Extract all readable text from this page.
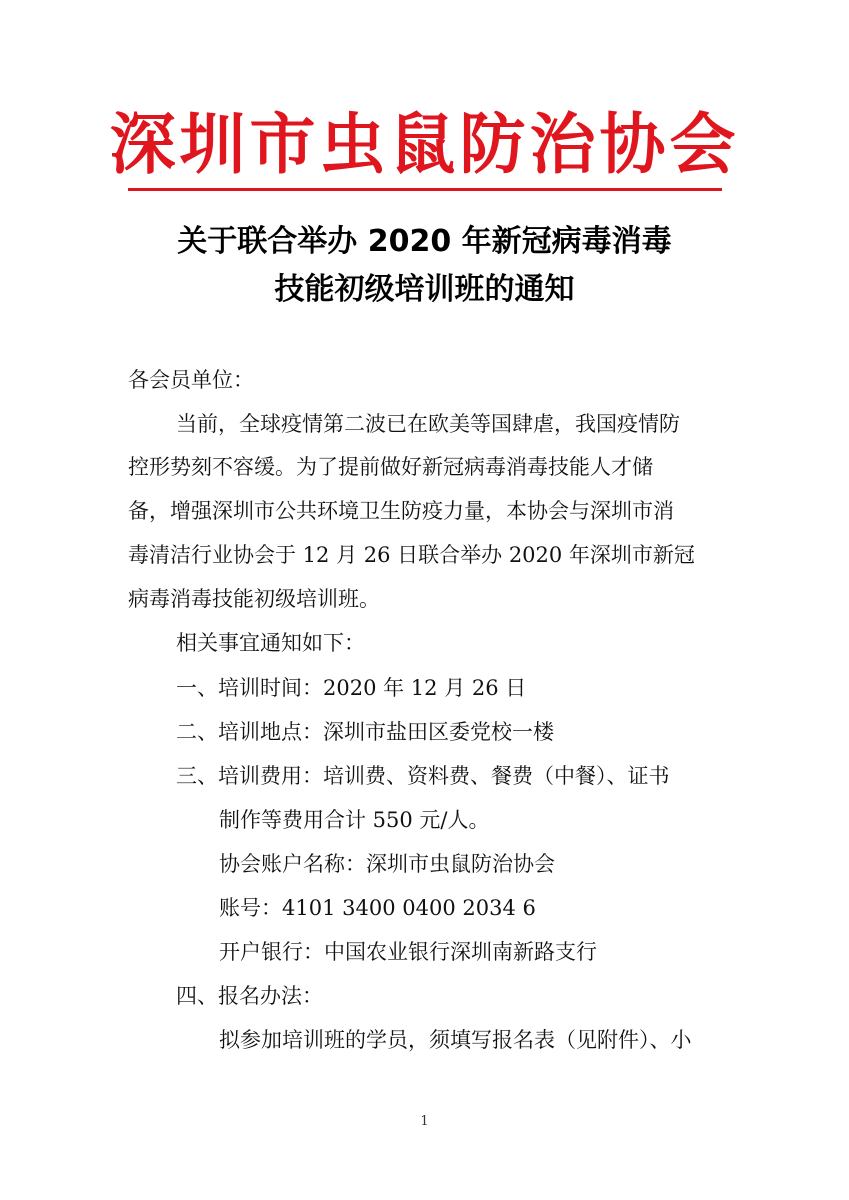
深圳市虫鼠防治协会
关于联合举办 2020 年新冠病毒消毒
技能初级培训班的通知
各会员单位：
当前，全球疫情第二波已在欧美等国肆虐，我国疫情防
控形势刻不容缓。为了提前做好新冠病毒消毒技能人才储
备，增强深圳市公共环境卫生防疫力量，本协会与深圳市消
毒清洁行业协会于 12 月 26 日联合举办 2020 年深圳市新冠
病毒消毒技能初级培训班。
相关事宜通知如下：
一、培训时间：2020 年 12 月 26 日
二、培训地点：深圳市盐田区委党校一楼
三、培训费用：培训费、资料费、餐费（中餐）、证书
制作等费用合计 550 元/人。
协会账户名称：深圳市虫鼠防治协会
账号：4101 3400 0400 2034 6
开户银行：中国农业银行深圳南新路支行
四、报名办法：
拟参加培训班的学员，须填写报名表（见附件）、小
1
